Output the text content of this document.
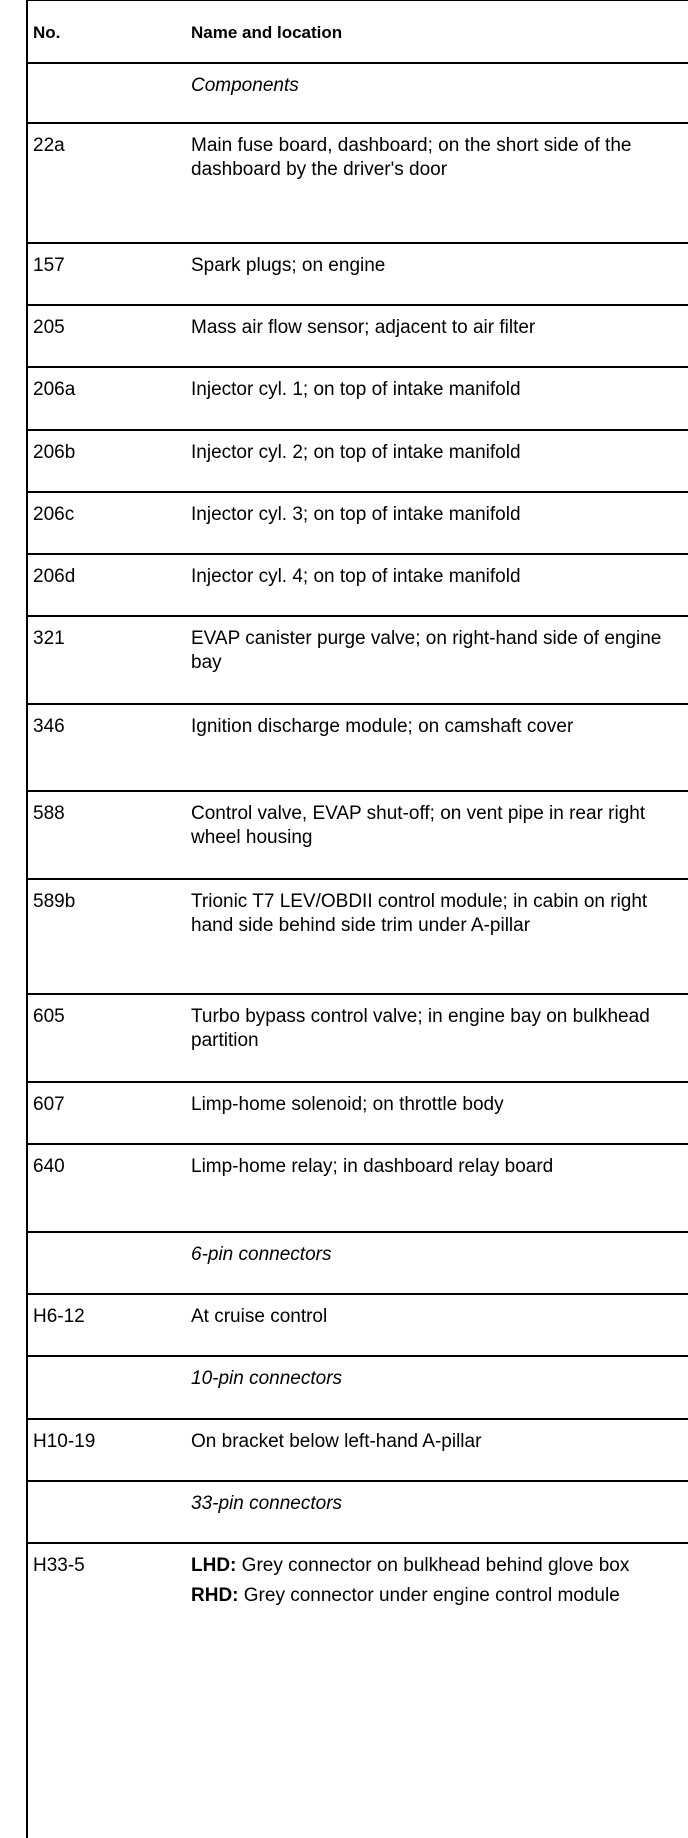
No.	Name and location
Components
22a	Main fuse board, dashboard; on the short side of the dashboard by the driver's door
157	Spark plugs; on engine
205	Mass air flow sensor; adjacent to air filter
206a	Injector cyl. 1; on top of intake manifold
206b	Injector cyl. 2; on top of intake manifold
206c	Injector cyl. 3; on top of intake manifold
206d	Injector cyl. 4; on top of intake manifold
321	EVAP canister purge valve; on right-hand side of engine bay
346	Ignition discharge module; on camshaft cover
588	Control valve, EVAP shut-off; on vent pipe in rear right wheel housing
589b	Trionic T7 LEV/OBDII control module; in cabin on right hand side behind side trim under A-pillar
605	Turbo bypass control valve; in engine bay on bulkhead partition
607	Limp-home solenoid; on throttle body
640	Limp-home relay; in dashboard relay board
6-pin connectors
H6-12	At cruise control
10-pin connectors
H10-19	On bracket below left-hand A-pillar
33-pin connectors
H33-5	LHD: Grey connector on bulkhead behind glove box
RHD: Grey connector under engine control module
